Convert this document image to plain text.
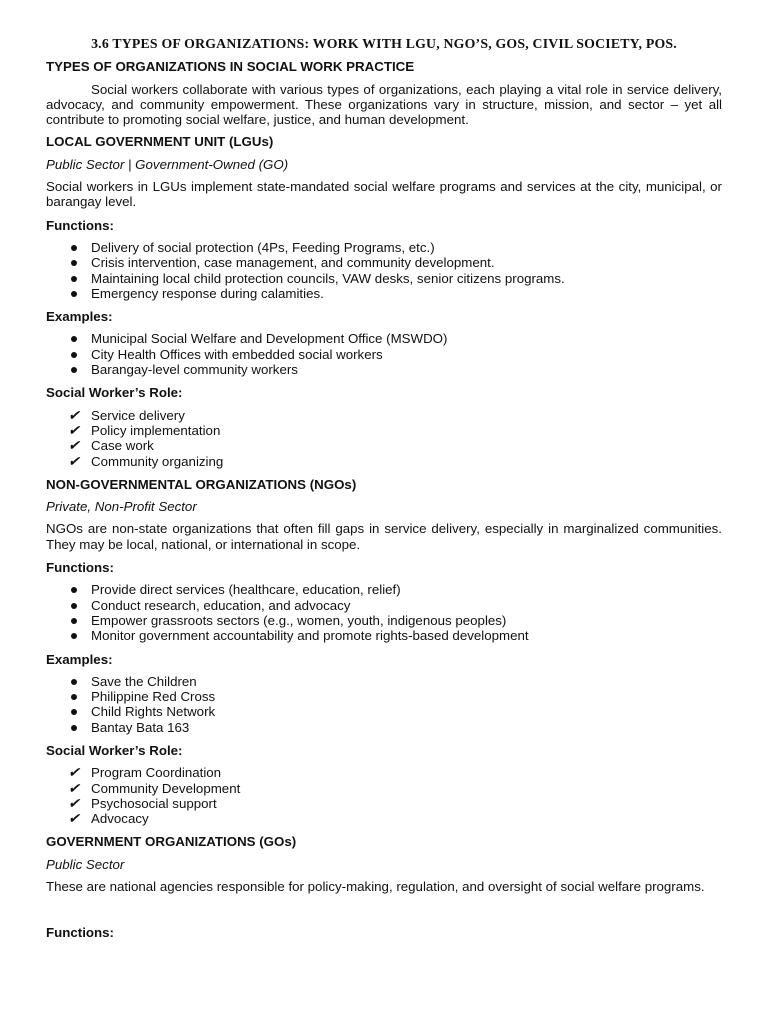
3.6 TYPES OF ORGANIZATIONS: WORK WITH LGU, NGO’S, GOS, CIVIL SOCIETY, POS.
TYPES OF ORGANIZATIONS IN SOCIAL WORK PRACTICE

Social workers collaborate with various types of organizations, each playing a vital role in service delivery, advocacy, and community empowerment. These organizations vary in structure, mission, and sector – yet all contribute to promoting social welfare, justice, and human development.

LOCAL GOVERNMENT UNIT (LGUs)
Public Sector | Government-Owned (GO)

Social workers in LGUs implement state-mandated social welfare programs and services at the city, municipal, or barangay level.

Functions:
Delivery of social protection (4Ps, Feeding Programs, etc.)
Crisis intervention, case management, and community development.
Maintaining local child protection councils, VAW desks, senior citizens programs.
Emergency response during calamities.
Examples:
Municipal Social Welfare and Development Office (MSWDO)
City Health Offices with embedded social workers
Barangay-level community workers
Social Worker’s Role:
✔ Service delivery
✔ Policy implementation
✔ Case work
✔ Community organizing
NON-GOVERNMENTAL ORGANIZATIONS (NGOs)
Private, Non-Profit Sector

NGOs are non-state organizations that often fill gaps in service delivery, especially in marginalized communities. They may be local, national, or international in scope.

Functions:
Provide direct services (healthcare, education, relief)
Conduct research, education, and advocacy
Empower grassroots sectors (e.g., women, youth, indigenous peoples)
Monitor government accountability and promote rights-based development
Examples:
Save the Children
Philippine Red Cross
Child Rights Network
Bantay Bata 163
Social Worker’s Role:
✔ Program Coordination
✔ Community Development
✔ Psychosocial support
✔ Advocacy
GOVERNMENT ORGANIZATIONS (GOs)
Public Sector

These are national agencies responsible for policy-making, regulation, and oversight of social welfare programs.

Functions:
